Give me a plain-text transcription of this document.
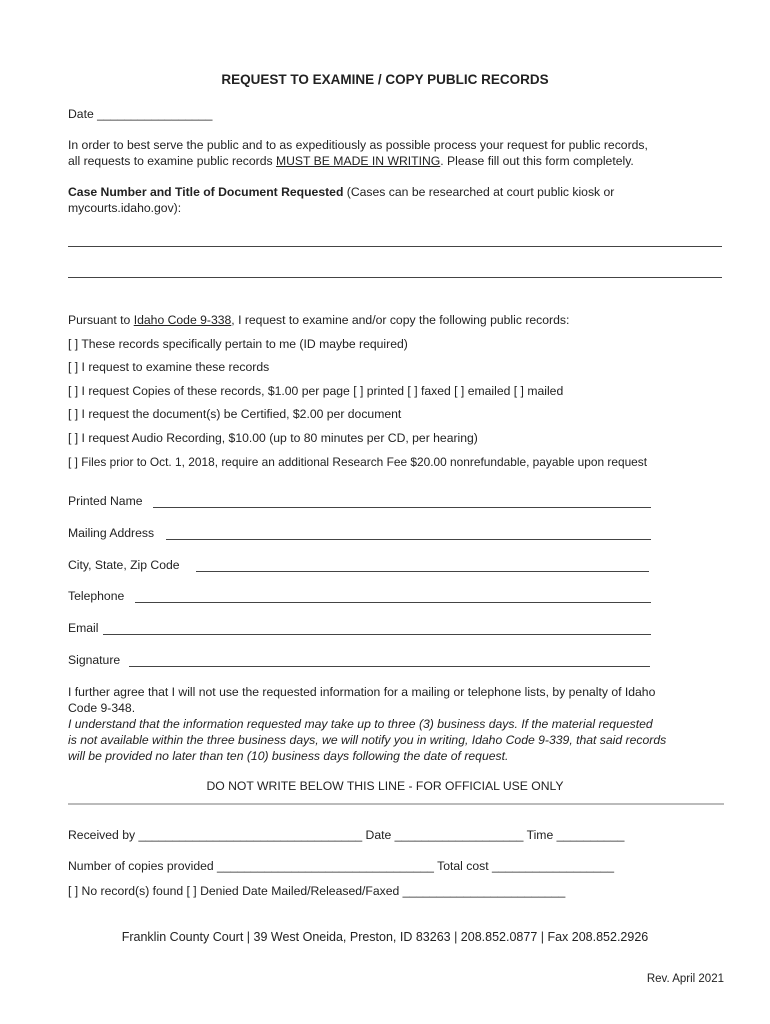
REQUEST TO EXAMINE / COPY PUBLIC RECORDS
Date _________________
In order to best serve the public and to as expeditiously as possible process your request for public records,
all requests to examine public records MUST BE MADE IN WRITING. Please fill out this form completely.
Case Number and Title of Document Requested (Cases can be researched at court public kiosk or
mycourts.idaho.gov):
Pursuant to Idaho Code 9-338, I request to examine and/or copy the following public records:
[ ] These records specifically pertain to me (ID maybe required)
[ ] I request to examine these records
[ ] I request Copies of these records, $1.00 per page [ ] printed [ ] faxed [ ] emailed [ ] mailed
[ ] I request the document(s) be Certified, $2.00 per document
[ ] I request Audio Recording, $10.00 (up to 80 minutes per CD, per hearing)
[ ] Files prior to Oct. 1, 2018, require an additional Research Fee $20.00 nonrefundable, payable upon request
Printed Name
Mailing Address
City, State, Zip Code
Telephone
Email
Signature
I further agree that I will not use the requested information for a mailing or telephone lists, by penalty of Idaho
Code 9-348.
I understand that the information requested may take up to three (3) business days. If the material requested
is not available within the three business days, we will notify you in writing, Idaho Code 9-339, that said records
will be provided no later than ten (10) business days following the date of request.
DO NOT WRITE BELOW THIS LINE - FOR OFFICIAL USE ONLY
Received by _________________________________ Date ___________________ Time __________
Number of copies provided ________________________________ Total cost __________________
[ ] No record(s) found [ ] Denied Date Mailed/Released/Faxed ________________________
Franklin County Court | 39 West Oneida, Preston, ID 83263 | 208.852.0877 | Fax 208.852.2926
Rev. April 2021
